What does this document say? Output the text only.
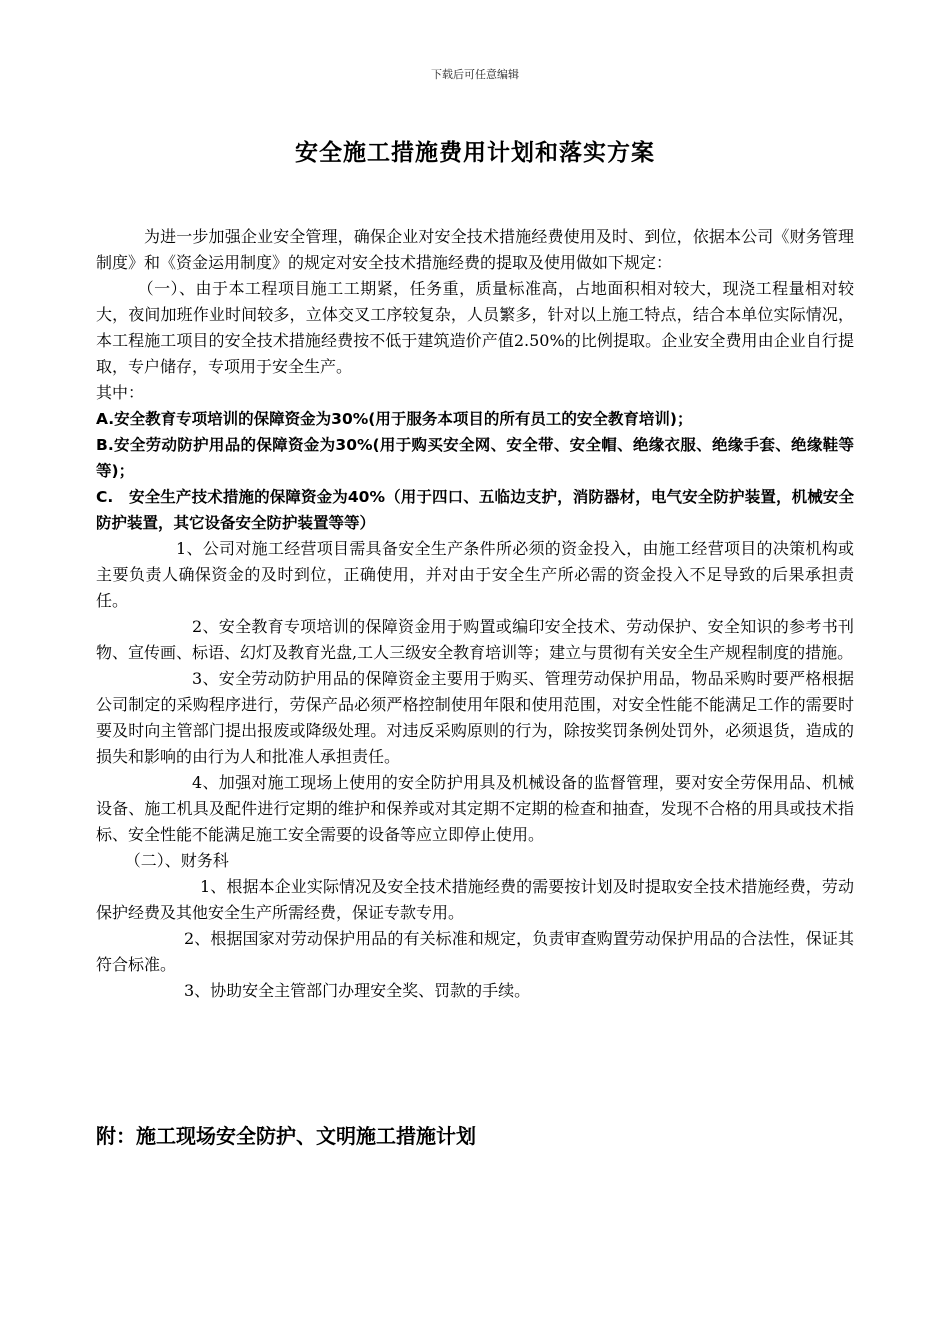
下载后可任意编辑
安全施工措施费用计划和落实方案

为进一步加强企业安全管理，确保企业对安全技术措施经费使用及时、到位，依据本公司《财务管理制度》和《资金运用制度》的规定对安全技术措施经费的提取及使用做如下规定：

（一）、由于本工程项目施工工期紧，任务重，质量标准高，占地面积相对较大，现浇工程量相对较大，夜间加班作业时间较多，立体交叉工序较复杂，人员繁多，针对以上施工特点，结合本单位实际情况，本工程施工项目的安全技术措施经费按不低于建筑造价产值2.50%的比例提取。企业安全费用由企业自行提取，专户储存，专项用于安全生产。

其中：

A.安全教育专项培训的保障资金为30%(用于服务本项目的所有员工的安全教育培训)；

B.安全劳动防护用品的保障资金为30%(用于购买安全网、安全带、安全帽、绝缘衣服、绝缘手套、绝缘鞋等等)；

C.　安全生产技术措施的保障资金为40%（用于四口、五临边支护，消防器材，电气安全防护装置，机械安全防护装置，其它设备安全防护装置等等）

1、公司对施工经营项目需具备安全生产条件所必须的资金投入，由施工经营项目的决策机构或主要负责人确保资金的及时到位，正确使用，并对由于安全生产所必需的资金投入不足导致的后果承担责任。

2、安全教育专项培训的保障资金用于购置或编印安全技术、劳动保护、安全知识的参考书刊物、宣传画、标语、幻灯及教育光盘,工人三级安全教育培训等；建立与贯彻有关安全生产规程制度的措施。

3、安全劳动防护用品的保障资金主要用于购买、管理劳动保护用品，物品采购时要严格根据公司制定的采购程序进行，劳保产品必须严格控制使用年限和使用范围，对安全性能不能满足工作的需要时要及时向主管部门提出报废或降级处理。对违反采购原则的行为，除按奖罚条例处罚外，必须退货，造成的损失和影响的由行为人和批准人承担责任。

4、加强对施工现场上使用的安全防护用具及机械设备的监督管理，要对安全劳保用品、机械设备、施工机具及配件进行定期的维护和保养或对其定期不定期的检查和抽查，发现不合格的用具或技术指标、安全性能不能满足施工安全需要的设备等应立即停止使用。

（二）、财务科

1、根据本企业实际情况及安全技术措施经费的需要按计划及时提取安全技术措施经费，劳动保护经费及其他安全生产所需经费，保证专款专用。

2、根据国家对劳动保护用品的有关标准和规定，负责审查购置劳动保护用品的合法性，保证其符合标准。

3、协助安全主管部门办理安全奖、罚款的手续。

附：施工现场安全防护、文明施工措施计划
